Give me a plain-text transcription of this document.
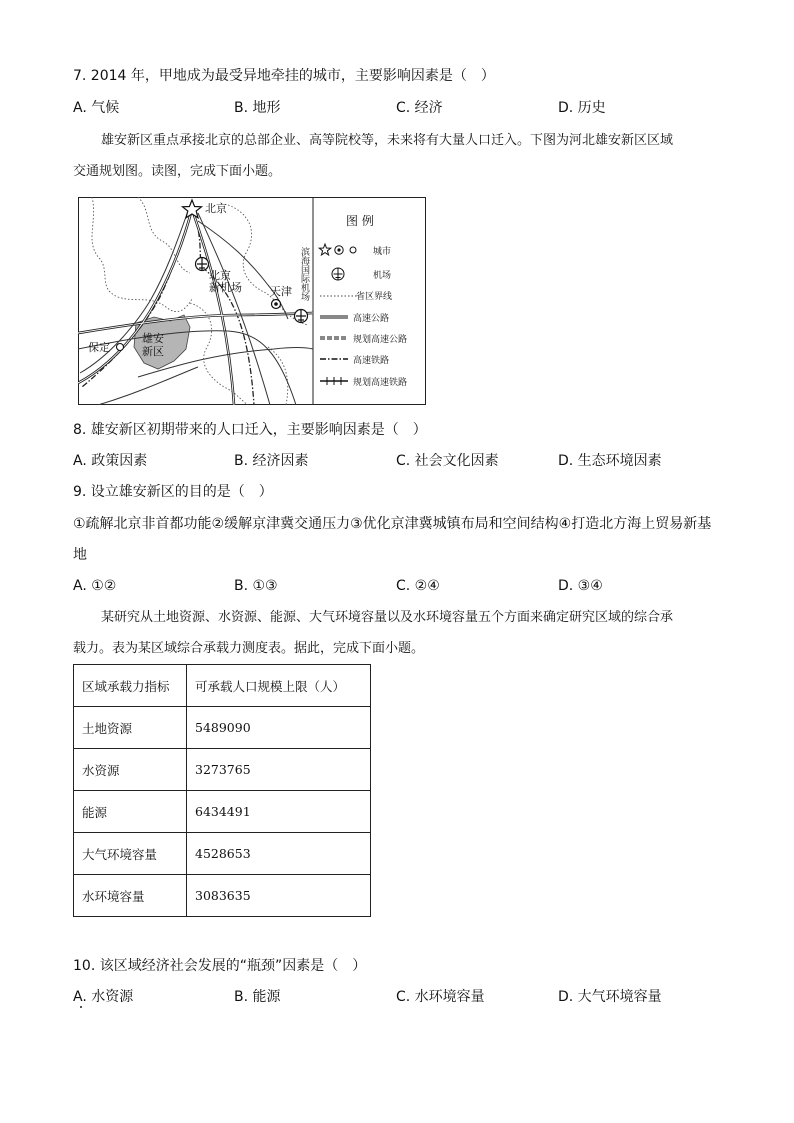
7. 2014 年，甲地成为最受异地牵挂的城市，主要影响因素是（　）
A. 气候	B. 地形	C. 经济	D. 历史
雄安新区重点承接北京的总部企业、高等院校等，未来将有大量人口迁入。下图为河北雄安新区区域
交通规划图。读图，完成下面小题。
北京
北京
新机场	天津 滨海国际机场
保定
雄安
新区
图 例
城市
机场
省区界线
高速公路
规划高速公路
高速铁路
规划高速铁路
8. 雄安新区初期带来的人口迁入，主要影响因素是（　）
A. 政策因素	B. 经济因素	C. 社会文化因素	D. 生态环境因素
9. 设立雄安新区的目的是（　）
①疏解北京非首都功能②缓解京津冀交通压力③优化京津冀城镇布局和空间结构④打造北方海上贸易新基
地
A. ①②	B. ①③	C. ②④	D. ③④
某研究从土地资源、水资源、能源、大气环境容量以及水环境容量五个方面来确定研究区域的综合承
载力。表为某区域综合承载力测度表。据此，完成下面小题。
区域承载力指标	可承载人口规模上限（人）
土地资源	5489090
水资源	3273765
能源	6434491
大气环境容量	4528653
水环境容量	3083635
10. 该区域经济社会发展的“瓶颈”因素是（　）
A. 水资源	B. 能源	C. 水环境容量	D. 大气环境容量
